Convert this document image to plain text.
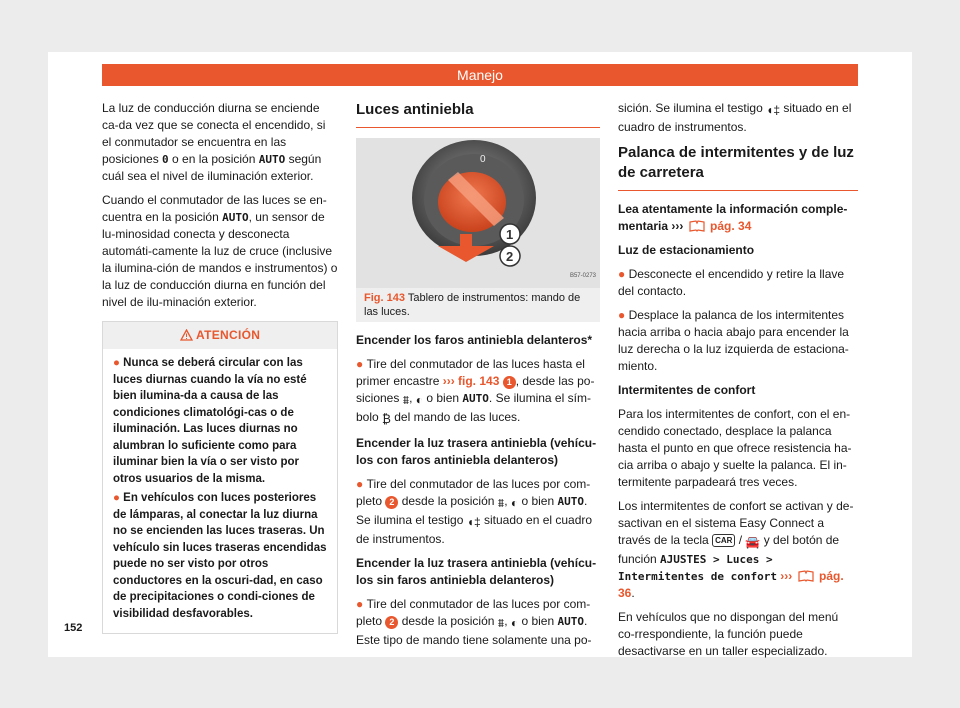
Manejo

La luz de conducción diurna se enciende ca-da vez que se conecta el encendido, si el conmutador se encuentra en las posiciones 0 o en la posición AUTO según cuál sea el nivel de iluminación exterior.

Cuando el conmutador de las luces se en-cuentra en la posición AUTO, un sensor de lu-minosidad conecta y desconecta automáti-camente la luz de cruce (inclusive la ilumina-ción de mandos e instrumentos) o la luz de conducción diurna en función del nivel de ilu-minación exterior.

ATENCIÓN
● Nunca se deberá circular con las luces diurnas cuando la vía no esté bien ilumina-da a causa de las condiciones climatológi-cas o de iluminación. Las luces diurnas no alumbran lo suficiente como para iluminar bien la vía o ser visto por otros usuarios de la misma.
● En vehículos con luces posteriores de lámparas, al conectar la luz diurna no se encienden las luces traseras. Un vehículo sin luces traseras encendidas puede no ser visto por otros conductores en la oscuri-dad, en caso de precipitaciones o condi-ciones de visibilidad desfavorables.
Luces antiniebla
0
1
2
B57-0273
Fig. 143 Tablero de instrumentos: mando de las luces.

Encender los faros antiniebla delanteros*

● Tire del conmutador de las luces hasta el primer encastre ››› fig. 143 1 , desde las po-siciones ⩩, ◐ o bien AUTO. Se ilumina el sím-bolo ₿ del mando de las luces.

Encender la luz trasera antiniebla (vehícu-los con faros antiniebla delanteros)

● Tire del conmutador de las luces por com-pleto 2 desde la posición ⩩, ◐ o bien AUTO. Se ilumina el testigo ◖‡ situado en el cuadro de instrumentos.

Encender la luz trasera antiniebla (vehícu-los sin faros antiniebla delanteros)

● Tire del conmutador de las luces por com-pleto 2 desde la posición ⩩, ◐ o bien AUTO. Este tipo de mando tiene solamente una po-

sición. Se ilumina el testigo ◖‡ situado en el cuadro de instrumentos.

Palanca de intermitentes y de luz de carretera

Lea atentamente la información comple-mentaria ››› pág. 34

Luz de estacionamiento

● Desconecte el encendido y retire la llave del contacto.

● Desplace la palanca de los intermitentes hacia arriba o hacia abajo para encender la luz derecha o la luz izquierda de estaciona-miento.

Intermitentes de confort

Para los intermitentes de confort, con el en-cendido conectado, desplace la palanca hasta el punto en que ofrece resistencia ha-cia arriba o abajo y suelte la palanca. El in-termitente parpadeará tres veces.

Los intermitentes de confort se activan y de-sactivan en el sistema Easy Connect a través de la tecla CAR / 🚘 y del botón de función AJUSTES > Luces > Intermitentes de confort ››› pág. 36.

En vehículos que no dispongan del menú co-rrespondiente, la función puede desactivarse en un taller especializado.

152
